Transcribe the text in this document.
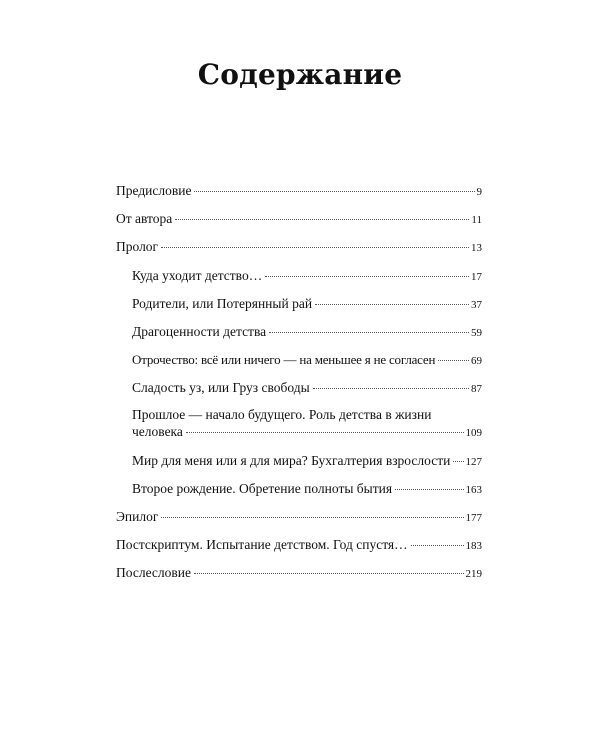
Содержание
Предисловие	9
От автора	11
Пролог	13
Куда уходит детство…	17
Родители, или Потерянный рай	37
Драгоценности детства	59
Отрочество: всё или ничего — на меньшее я не согласен	69
Сладость уз, или Груз свободы	87
Прошлое — начало будущего. Роль детства в жизни
человека	109
Мир для меня или я для мира? Бухгалтерия взрослости 127
Второе рождение. Обретение полноты бытия	163
Эпилог	177
Постскриптум. Испытание детством. Год спустя…	183
Послесловие	219
